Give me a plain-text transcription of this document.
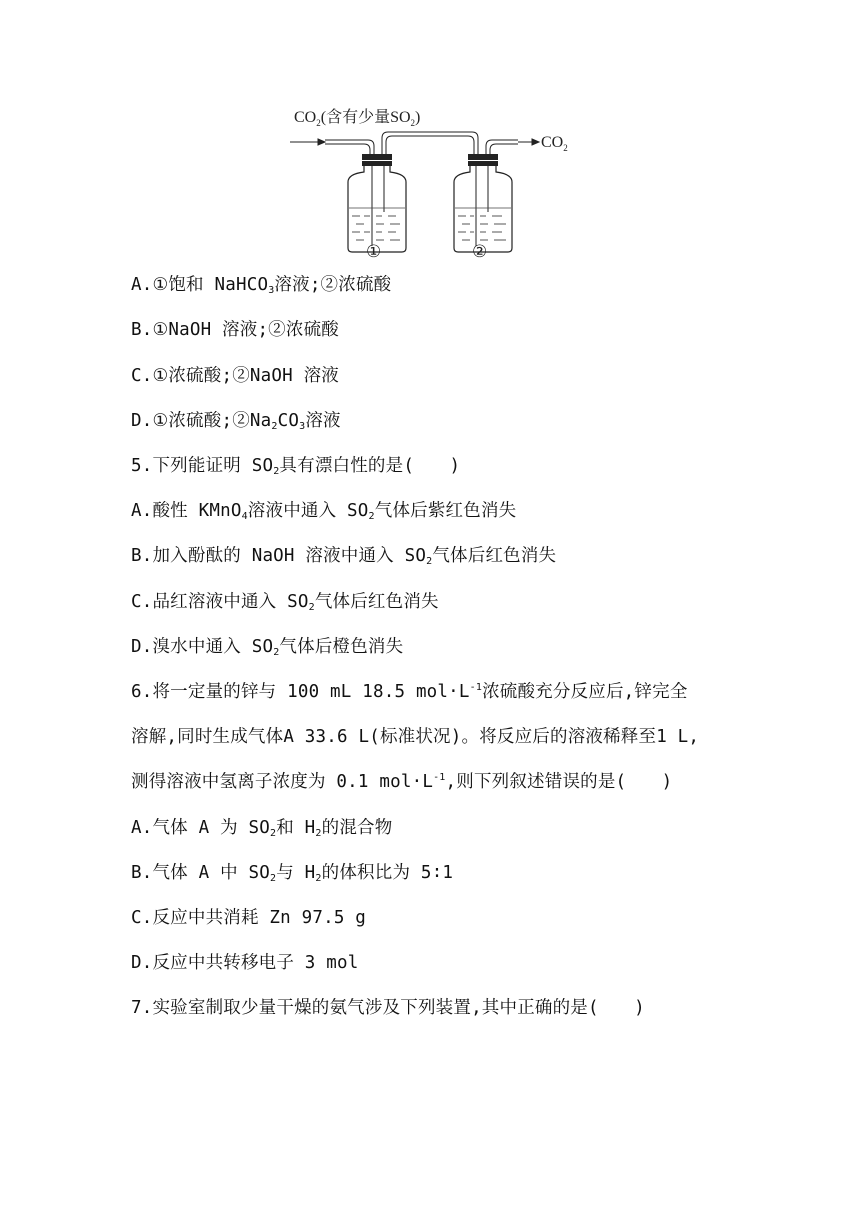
$CO_2$(含有少量$SO_2$)
$CO_2$
①	②
A.①饱和 NaHCO$_3$溶液;②浓硫酸
B.①NaOH 溶液;②浓硫酸
C.①浓硫酸;②NaOH 溶液
D.①浓硫酸$;②Na_2CO_3$溶液
5.下列能证明 $SO_2$具有漂白性的是(　　)
A.酸性 KMnO$_4$溶液中通入 $SO_2$气体后紫红色消失
B.加入酚酞的 NaOH 溶液中通入 $SO_2$气体后红色消失
C.品红溶液中通入 $SO_2$气体后红色消失
D.溴水中通入 $SO_2$气体后橙色消失
6.将一定量的锌与 100 mL 18.5 $mol\cdot L^{-1}$浓硫酸充分反应后,锌完全
溶解,同时生成气体A 33.6 L(标准状况)。将反应后的溶液稀释至1 L,
测得溶液中氢离子浓度为 0.1 $mol\cdot L^{-1}$,则下列叙述错误的是(　　)
A.气体 A 为 $SO_2$和 $H_2$的混合物
B.气体 A 中 $SO_2$与 $H_2$的体积比为 5∶1
C.反应中共消耗 Zn 97.5 g
D.反应中共转移电子 3 mol
7.实验室制取少量干燥的氨气涉及下列装置,其中正确的是(　　)
